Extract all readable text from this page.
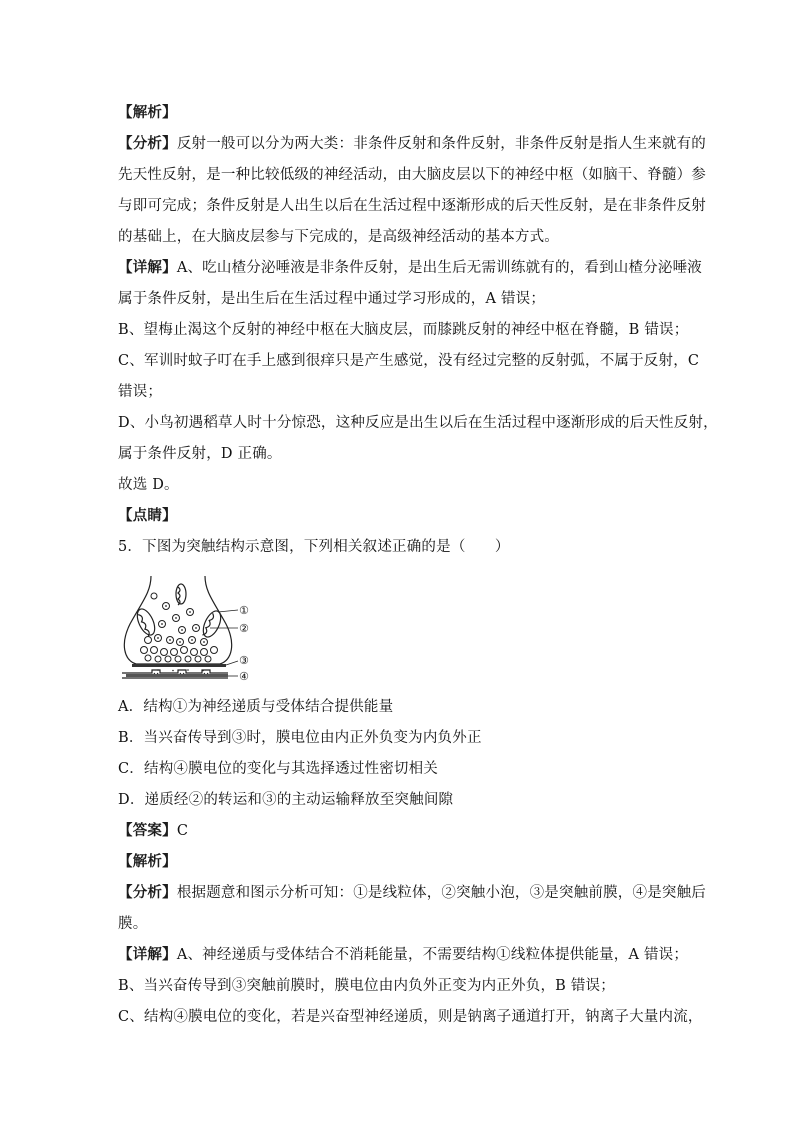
【解析】
【分析】反射一般可以分为两大类：非条件反射和条件反射，非条件反射是指人生来就有的
先天性反射，是一种比较低级的神经活动，由大脑皮层以下的神经中枢（如脑干、脊髓）参
与即可完成；条件反射是人出生以后在生活过程中逐渐形成的后天性反射，是在非条件反射
的基础上，在大脑皮层参与下完成的，是高级神经活动的基本方式。
【详解】A、吃山楂分泌唾液是非条件反射，是出生后无需训练就有的，看到山楂分泌唾液
属于条件反射，是出生后在生活过程中通过学习形成的，A 错误；
B、望梅止渴这个反射的神经中枢在大脑皮层，而膝跳反射的神经中枢在脊髓，B 错误；
C、军训时蚊子叮在手上感到很痒只是产生感觉，没有经过完整的反射弧，不属于反射，C
错误；
D、小鸟初遇稻草人时十分惊恐，这种反应是出生以后在生活过程中逐渐形成的后天性反射，
属于条件反射，D 正确。
故选 D。
【点睛】
5．下图为突触结构示意图，下列相关叙述正确的是（　　）
①
②
③
④
A．结构①为神经递质与受体结合提供能量
B．当兴奋传导到③时，膜电位由内正外负变为内负外正
C．结构④膜电位的变化与其选择透过性密切相关
D．递质经②的转运和③的主动运输释放至突触间隙
【答案】C
【解析】
【分析】根据题意和图示分析可知：①是线粒体，②突触小泡，③是突触前膜，④是突触后
膜。
【详解】A、神经递质与受体结合不消耗能量，不需要结构①线粒体提供能量，A 错误；
B、当兴奋传导到③突触前膜时，膜电位由内负外正变为内正外负，B 错误；
C、结构④膜电位的变化，若是兴奋型神经递质，则是钠离子通道打开，钠离子大量内流，
